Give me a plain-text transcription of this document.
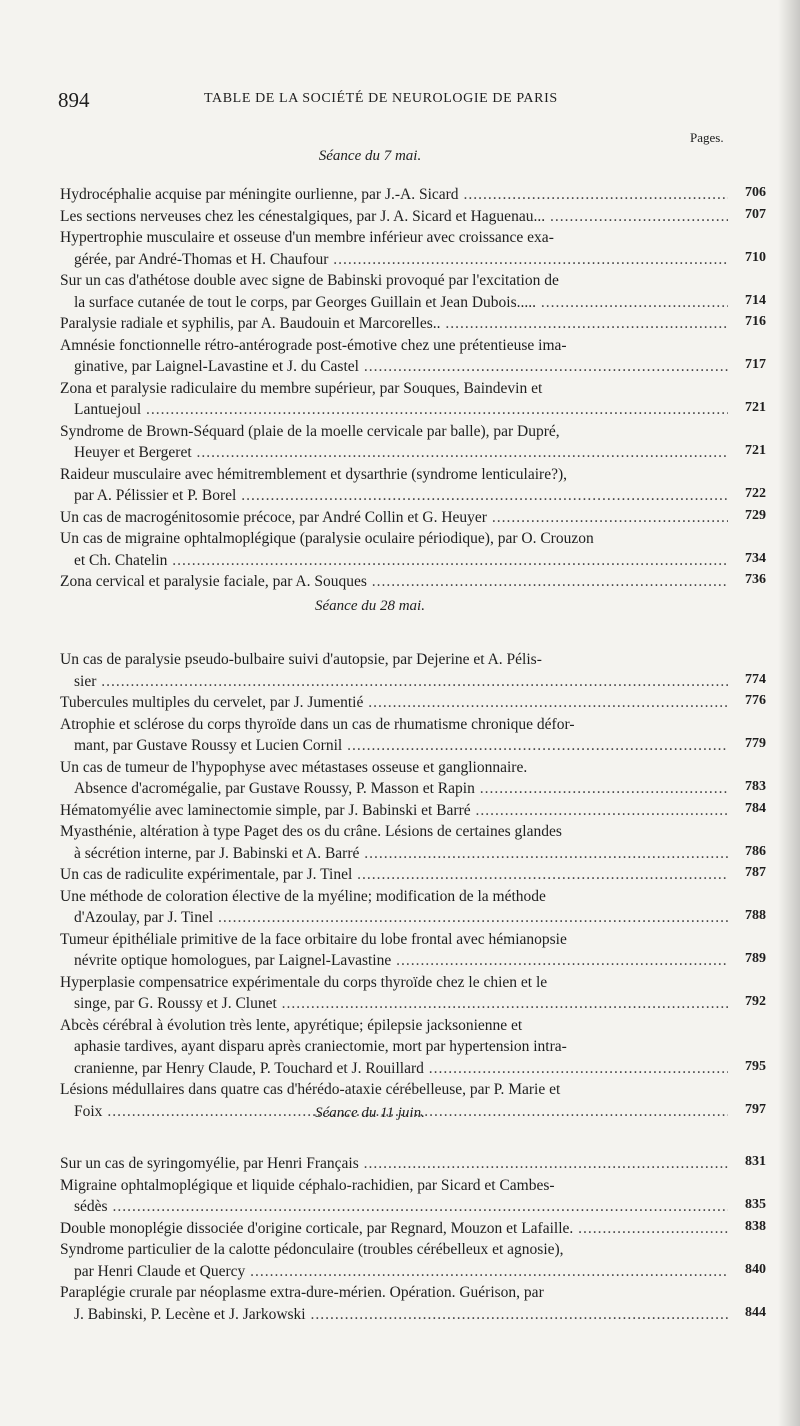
894	TABLE DE LA SOCIÉTÉ DE NEUROLOGIE DE PARIS
Pages.
Séance du 7 mai.
Hydrocéphalie acquise par méningite ourlienne, par J.-A. Sicard .....	706
Les sections nerveuses chez les cénestalgiques, par J. A. Sicard et Haguenau... .....	707
Hypertrophie musculaire et osseuse d'un membre inférieur avec croissance exa-
gérée, par André-Thomas et H. Chaufour .....	710
Sur un cas d'athétose double avec signe de Babinski provoqué par l'excitation de
la surface cutanée de tout le corps, par Georges Guillain et Jean Dubois..... .....	714
Paralysie radiale et syphilis, par A. Baudouin et Marcorelles.. .....	716
Amnésie fonctionnelle rétro-antérograde post-émotive chez une prétentieuse ima-
ginative, par Laignel-Lavastine et J. du Castel .....	717
Zona et paralysie radiculaire du membre supérieur, par Souques, Baindevin et
Lantuejoul .....	721
Syndrome de Brown-Séquard (plaie de la moelle cervicale par balle), par Dupré,
Heuyer et Bergeret .....	721
Raideur musculaire avec hémitremblement et dysarthrie (syndrome lenticulaire?),
par A. Pélissier et P. Borel .....	722
Un cas de macrogénitosomie précoce, par André Collin et G. Heuyer .....	729
Un cas de migraine ophtalmoplégique (paralysie oculaire périodique), par O. Crouzon
et Ch. Chatelin .....	734
Zona cervical et paralysie faciale, par A. Souques .....	736
Séance du 28 mai.
Un cas de paralysie pseudo-bulbaire suivi d'autopsie, par Dejerine et A. Pélis-
sier .....	774
Tubercules multiples du cervelet, par J. Jumentié .....	776
Atrophie et sclérose du corps thyroïde dans un cas de rhumatisme chronique défor-
mant, par Gustave Roussy et Lucien Cornil .....	779
Un cas de tumeur de l'hypophyse avec métastases osseuse et ganglionnaire.
Absence d'acromégalie, par Gustave Roussy, P. Masson et Rapin .....	783
Hématomyélie avec laminectomie simple, par J. Babinski et Barré .....	784
Myasthénie, altération à type Paget des os du crâne. Lésions de certaines glandes
à sécrétion interne, par J. Babinski et A. Barré .....	786
Un cas de radiculite expérimentale, par J. Tinel .....	787
Une méthode de coloration élective de la myéline; modification de la méthode
d'Azoulay, par J. Tinel .....	788
Tumeur épithéliale primitive de la face orbitaire du lobe frontal avec hémianopsie
névrite optique homologues, par Laignel-Lavastine .....	789
Hyperplasie compensatrice expérimentale du corps thyroïde chez le chien et le
singe, par G. Roussy et J. Clunet .....	792
Abcès cérébral à évolution très lente, apyrétique; épilepsie jacksonienne et
aphasie tardives, ayant disparu après craniectomie, mort par hypertension intra-
cranienne, par Henry Claude, P. Touchard et J. Rouillard .....	795
Lésions médullaires dans quatre cas d'hérédo-ataxie cérébelleuse, par P. Marie et
Foix .....	797
Séance du 11 juin.
Sur un cas de syringomyélie, par Henri Français .....	831
Migraine ophtalmoplégique et liquide céphalo-rachidien, par Sicard et Cambes-
sédès .....	835
Double monoplégie dissociée d'origine corticale, par Regnard, Mouzon et Lafaille. .....	838
Syndrome particulier de la calotte pédonculaire (troubles cérébelleux et agnosie),
par Henri Claude et Quercy .....	840
Paraplégie crurale par néoplasme extra-dure-mérien. Opération. Guérison, par
J. Babinski, P. Lecène et J. Jarkowski .....	844
